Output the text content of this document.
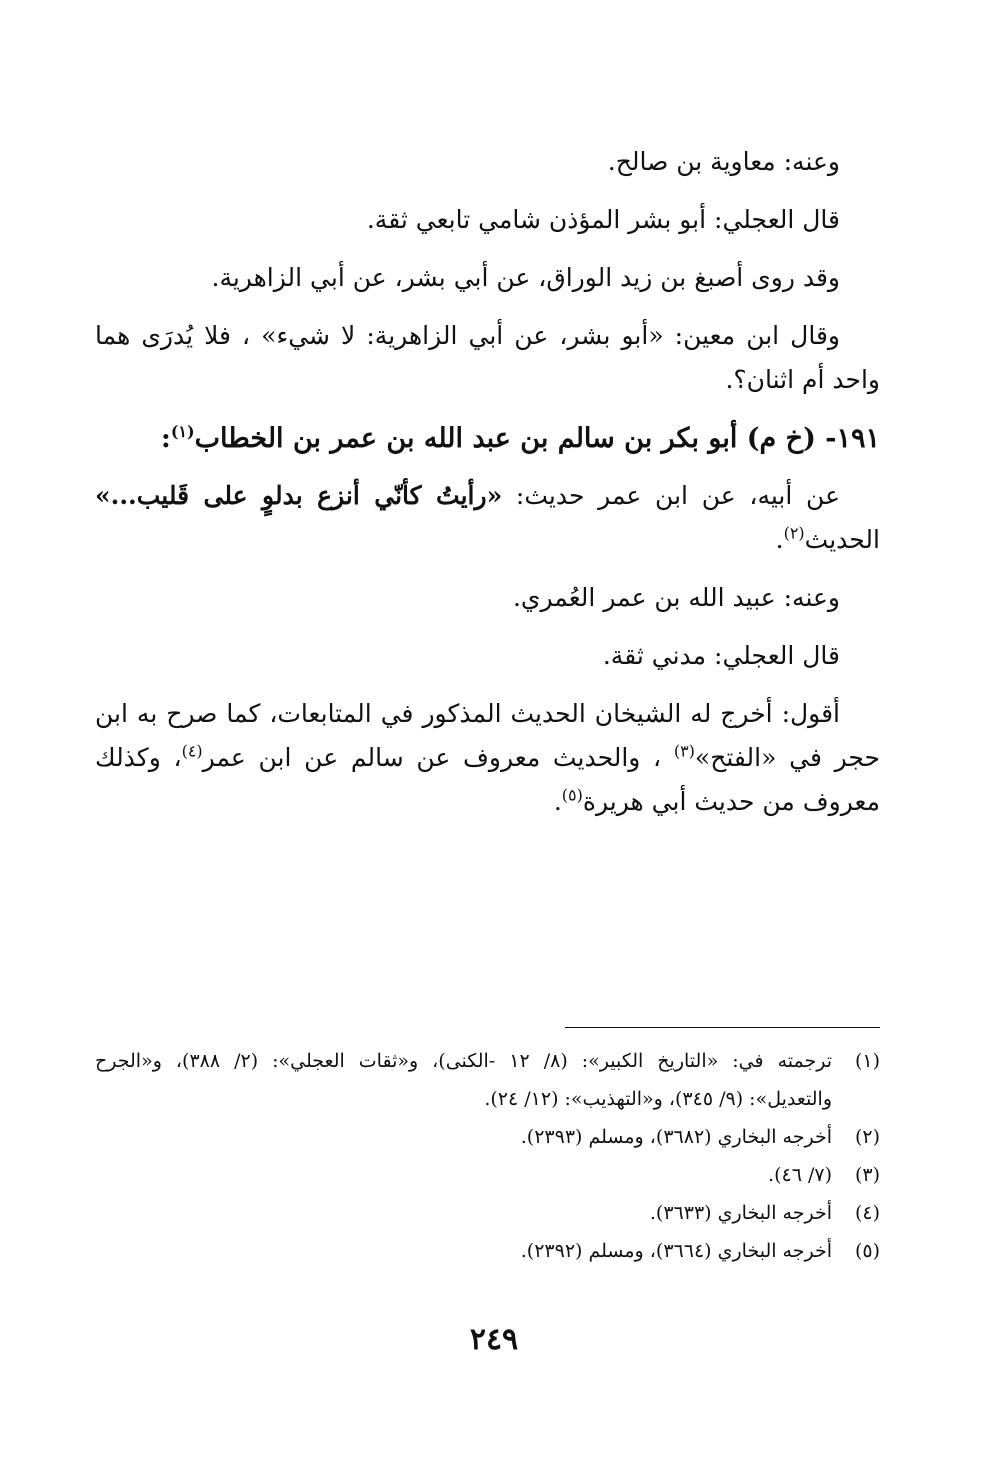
وعنه: معاوية بن صالح.

قال العجلي: أبو بشر المؤذن شامي تابعي ثقة.

وقد روى أصبغ بن زيد الوراق، عن أبي بشر، عن أبي الزاهرية.

وقال ابن معين: «أبو بشر، عن أبي الزاهرية: لا شيء» ، فلا يُدرَى هما واحد أم اثنان؟.

١٩١- (خ م) أبو بكر بن سالم بن عبد الله بن عمر بن الخطاب$^{(١)}$:

عن أبيه، عن ابن عمر حديث: «رأيتُ كأنّي أنزع بدلوٍ على قَليب...» الحديث$^{(٢)}$.

وعنه: عبيد الله بن عمر العُمري.

قال العجلي: مدني ثقة.

أقول: أخرج له الشيخان الحديث المذكور في المتابعات، كما صرح به ابن حجر في «الفتح»$^{(٣)}$ ، والحديث معروف عن سالم عن ابن عمر$^{(٤)}$، وكذلك معروف من حديث أبي هريرة$^{(٥)}$.

(١)
ترجمته في: «التاريخ الكبير»: (٨/ ١٢ -الكنى)، و«ثقات العجلي»: (٢/ ٣٨٨)، و«الجرح والتعديل»: (٩/ ٣٤٥)، و«التهذيب»: (١٢/ ٢٤).
(٢)
أخرجه البخاري (٣٦٨٢)، ومسلم (٢٣٩٣).
(٣)
(٧/ ٤٦).
(٤)
أخرجه البخاري (٣٦٣٣).
(٥)
أخرجه البخاري (٣٦٦٤)، ومسلم (٢٣٩٢).
٢٤٩
